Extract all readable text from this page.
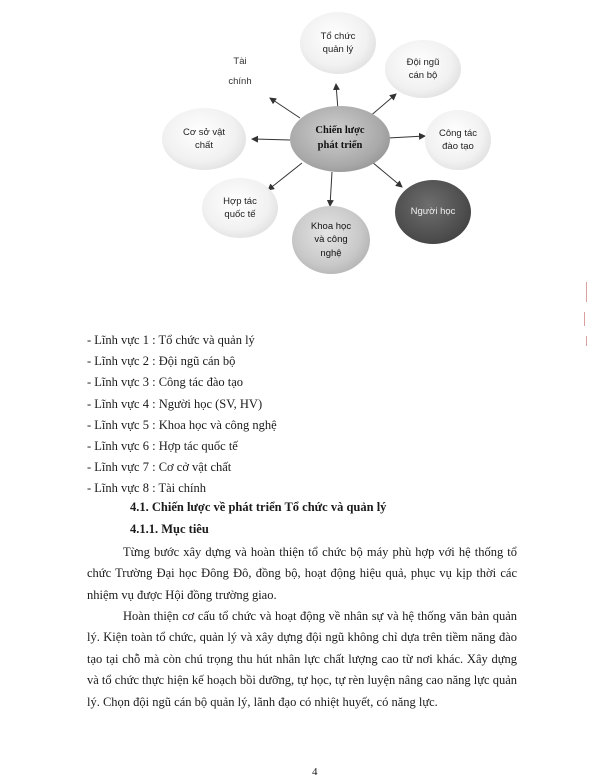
Chiến lược
phát triển
Tổ chức
quản lý
Đội ngũ
cán bộ
Công tác
đào tạo
Người học
Khoa học
và công
nghệ
Hợp tác
quốc tế
Cơ sở vật
chất
Tài
chính
- Lĩnh vực 1 : Tổ chức và quản lý
- Lĩnh vực 2 : Đội ngũ cán bộ
- Lĩnh vực 3 : Công tác đào tạo
- Lĩnh vực 4 : Người học (SV, HV)
- Lĩnh vực 5 : Khoa học và công nghệ
- Lĩnh vực 6 : Hợp tác quốc tế
- Lĩnh vực 7 : Cơ cở vật chất
- Lĩnh vực 8 : Tài chính
4.1. Chiến lược về phát triển Tổ chức và quản lý
4.1.1. Mục tiêu
Từng bước xây dựng và hoàn thiện tổ chức bộ máy phù hợp với hệ thống tổ chức Trường Đại học Đông Đô, đồng bộ, hoạt động hiệu quả, phục vụ kịp thời các nhiệm vụ được Hội đồng trường giao.
Hoàn thiện cơ cấu tổ chức và hoạt động về nhân sự và hệ thống văn bản quản lý. Kiện toàn tổ chức, quản lý và xây dựng đội ngũ không chỉ dựa trên tiềm năng đào tạo tại chỗ mà còn chú trọng thu hút nhân lực chất lượng cao từ nơi khác. Xây dựng và tổ chức thực hiện kế hoạch bồi dưỡng, tự học, tự rèn luyện nâng cao năng lực quản lý. Chọn đội ngũ cán bộ quản lý, lãnh đạo có nhiệt huyết, có năng lực.
4
